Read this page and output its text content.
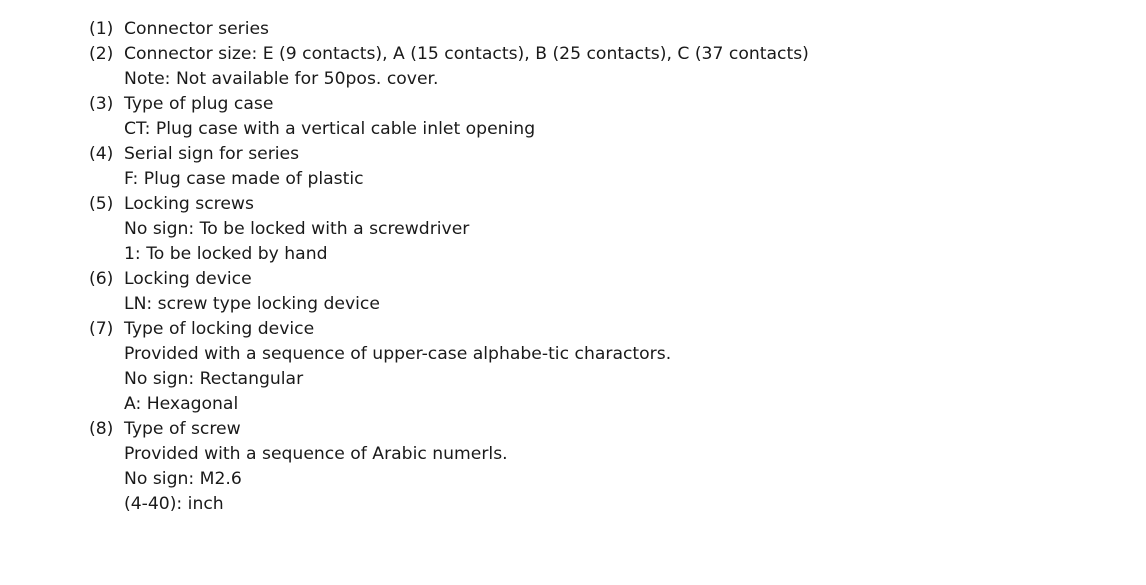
(1) Connector series
(2) Connector size: E (9 contacts), A (15 contacts), B (25 contacts), C (37 contacts)
Note: Not available for 50pos. cover.
(3) Type of plug case
CT: Plug case with a vertical cable inlet opening
(4) Serial sign for series
F: Plug case made of plastic
(5) Locking screws
No sign: To be locked with a screwdriver
1: To be locked by hand
(6) Locking device
LN: screw type locking device
(7) Type of locking device
Provided with a sequence of upper-case alphabe-tic charactors.
No sign: Rectangular
A: Hexagonal
(8) Type of screw
Provided with a sequence of Arabic numerls.
No sign: M2.6
(4-40): inch
